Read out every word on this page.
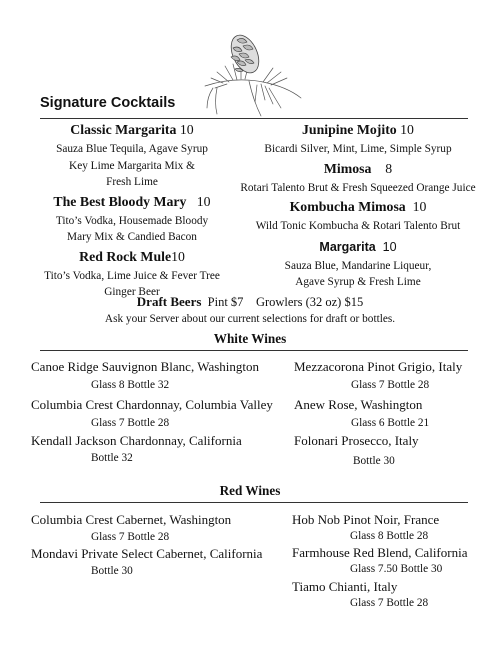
Signature Cocktails
Classic Margarita 10
Sauza Blue Tequila, Agave Syrup
Key Lime Margarita Mix &
Fresh Lime
The Best Bloody Mary 10
Tito’s Vodka, Housemade Bloody
Mary Mix & Candied Bacon
Red Rock Mule10
Tito’s Vodka, Lime Juice & Fever Tree
Ginger Beer
Junipine Mojito 10
Bicardi Silver, Mint, Lime, Simple Syrup
Mimosa 8
Rotari Talento Brut & Fresh Squeezed Orange Juice
Kombucha Mimosa 10
Wild Tonic Kombucha & Rotari Talento Brut
Margarita 10
Sauza Blue, Mandarine Liqueur,
Agave Syrup & Fresh Lime
Draft Beers Pint $7 Growlers (32 oz) $15
Ask your Server about our current selections for draft or bottles.
White Wines
Canoe Ridge Sauvignon Blanc, Washington
Glass 8 Bottle 32
Columbia Crest Chardonnay, Columbia Valley
Glass 7 Bottle 28
Kendall Jackson Chardonnay, California
Bottle 32
Mezzacorona Pinot Grigio, Italy
Glass 7 Bottle 28
Anew Rose, Washington
Glass 6 Bottle 21
Folonari Prosecco, Italy
Bottle 30
Red Wines
Columbia Crest Cabernet, Washington
Glass 7 Bottle 28
Mondavi Private Select Cabernet, California
Bottle 30
Hob Nob Pinot Noir, France
Glass 8 Bottle 28
Farmhouse Red Blend, California
Glass 7.50 Bottle 30
Tiamo Chianti, Italy
Glass 7 Bottle 28
